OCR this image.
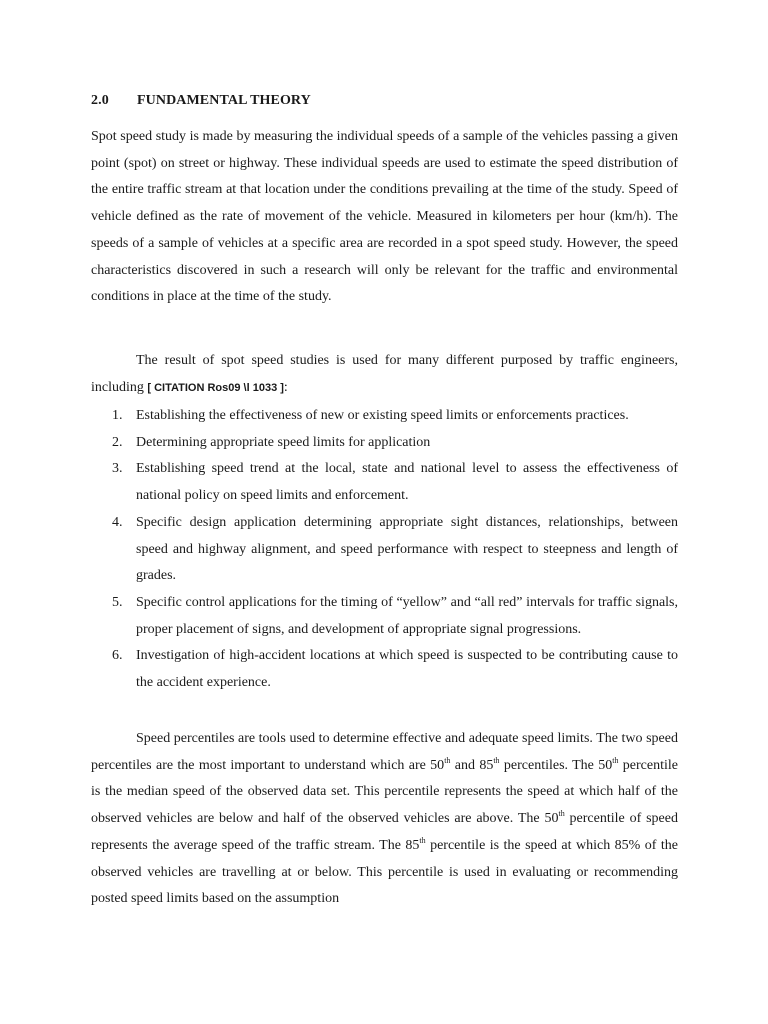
2.0 FUNDAMENTAL THEORY

Spot speed study is made by measuring the individual speeds of a sample of the vehicles passing a given point (spot) on street or highway. These individual speeds are used to estimate the speed distribution of the entire traffic stream at that location under the conditions prevailing at the time of the study. Speed of vehicle defined as the rate of movement of the vehicle. Measured in kilometers per hour (km/h). The speeds of a sample of vehicles at a specific area are recorded in a spot speed study. However, the speed characteristics discovered in such a research will only be relevant for the traffic and environmental conditions in place at the time of the study.

The result of spot speed studies is used for many different purposed by traffic engineers, including [ CITATION Ros09 \l 1033 ]:

1. Establishing the effectiveness of new or existing speed limits or enforcements practices.
2. Determining appropriate speed limits for application
3. Establishing speed trend at the local, state and national level to assess the effectiveness of national policy on speed limits and enforcement.
4. Specific design application determining appropriate sight distances, relationships, between speed and highway alignment, and speed performance with respect to steepness and length of grades.
5. Specific control applications for the timing of “yellow” and “all red” intervals for traffic signals, proper placement of signs, and development of appropriate signal progressions.
6. Investigation of high-accident locations at which speed is suspected to be contributing cause to the accident experience.

Speed percentiles are tools used to determine effective and adequate speed limits. The two speed percentiles are the most important to understand which are 50th and 85th percentiles. The 50th percentile is the median speed of the observed data set. This percentile represents the speed at which half of the observed vehicles are below and half of the observed vehicles are above. The 50th percentile of speed represents the average speed of the traffic stream. The 85th percentile is the speed at which 85% of the observed vehicles are travelling at or below. This percentile is used in evaluating or recommending posted speed limits based on the assumption
